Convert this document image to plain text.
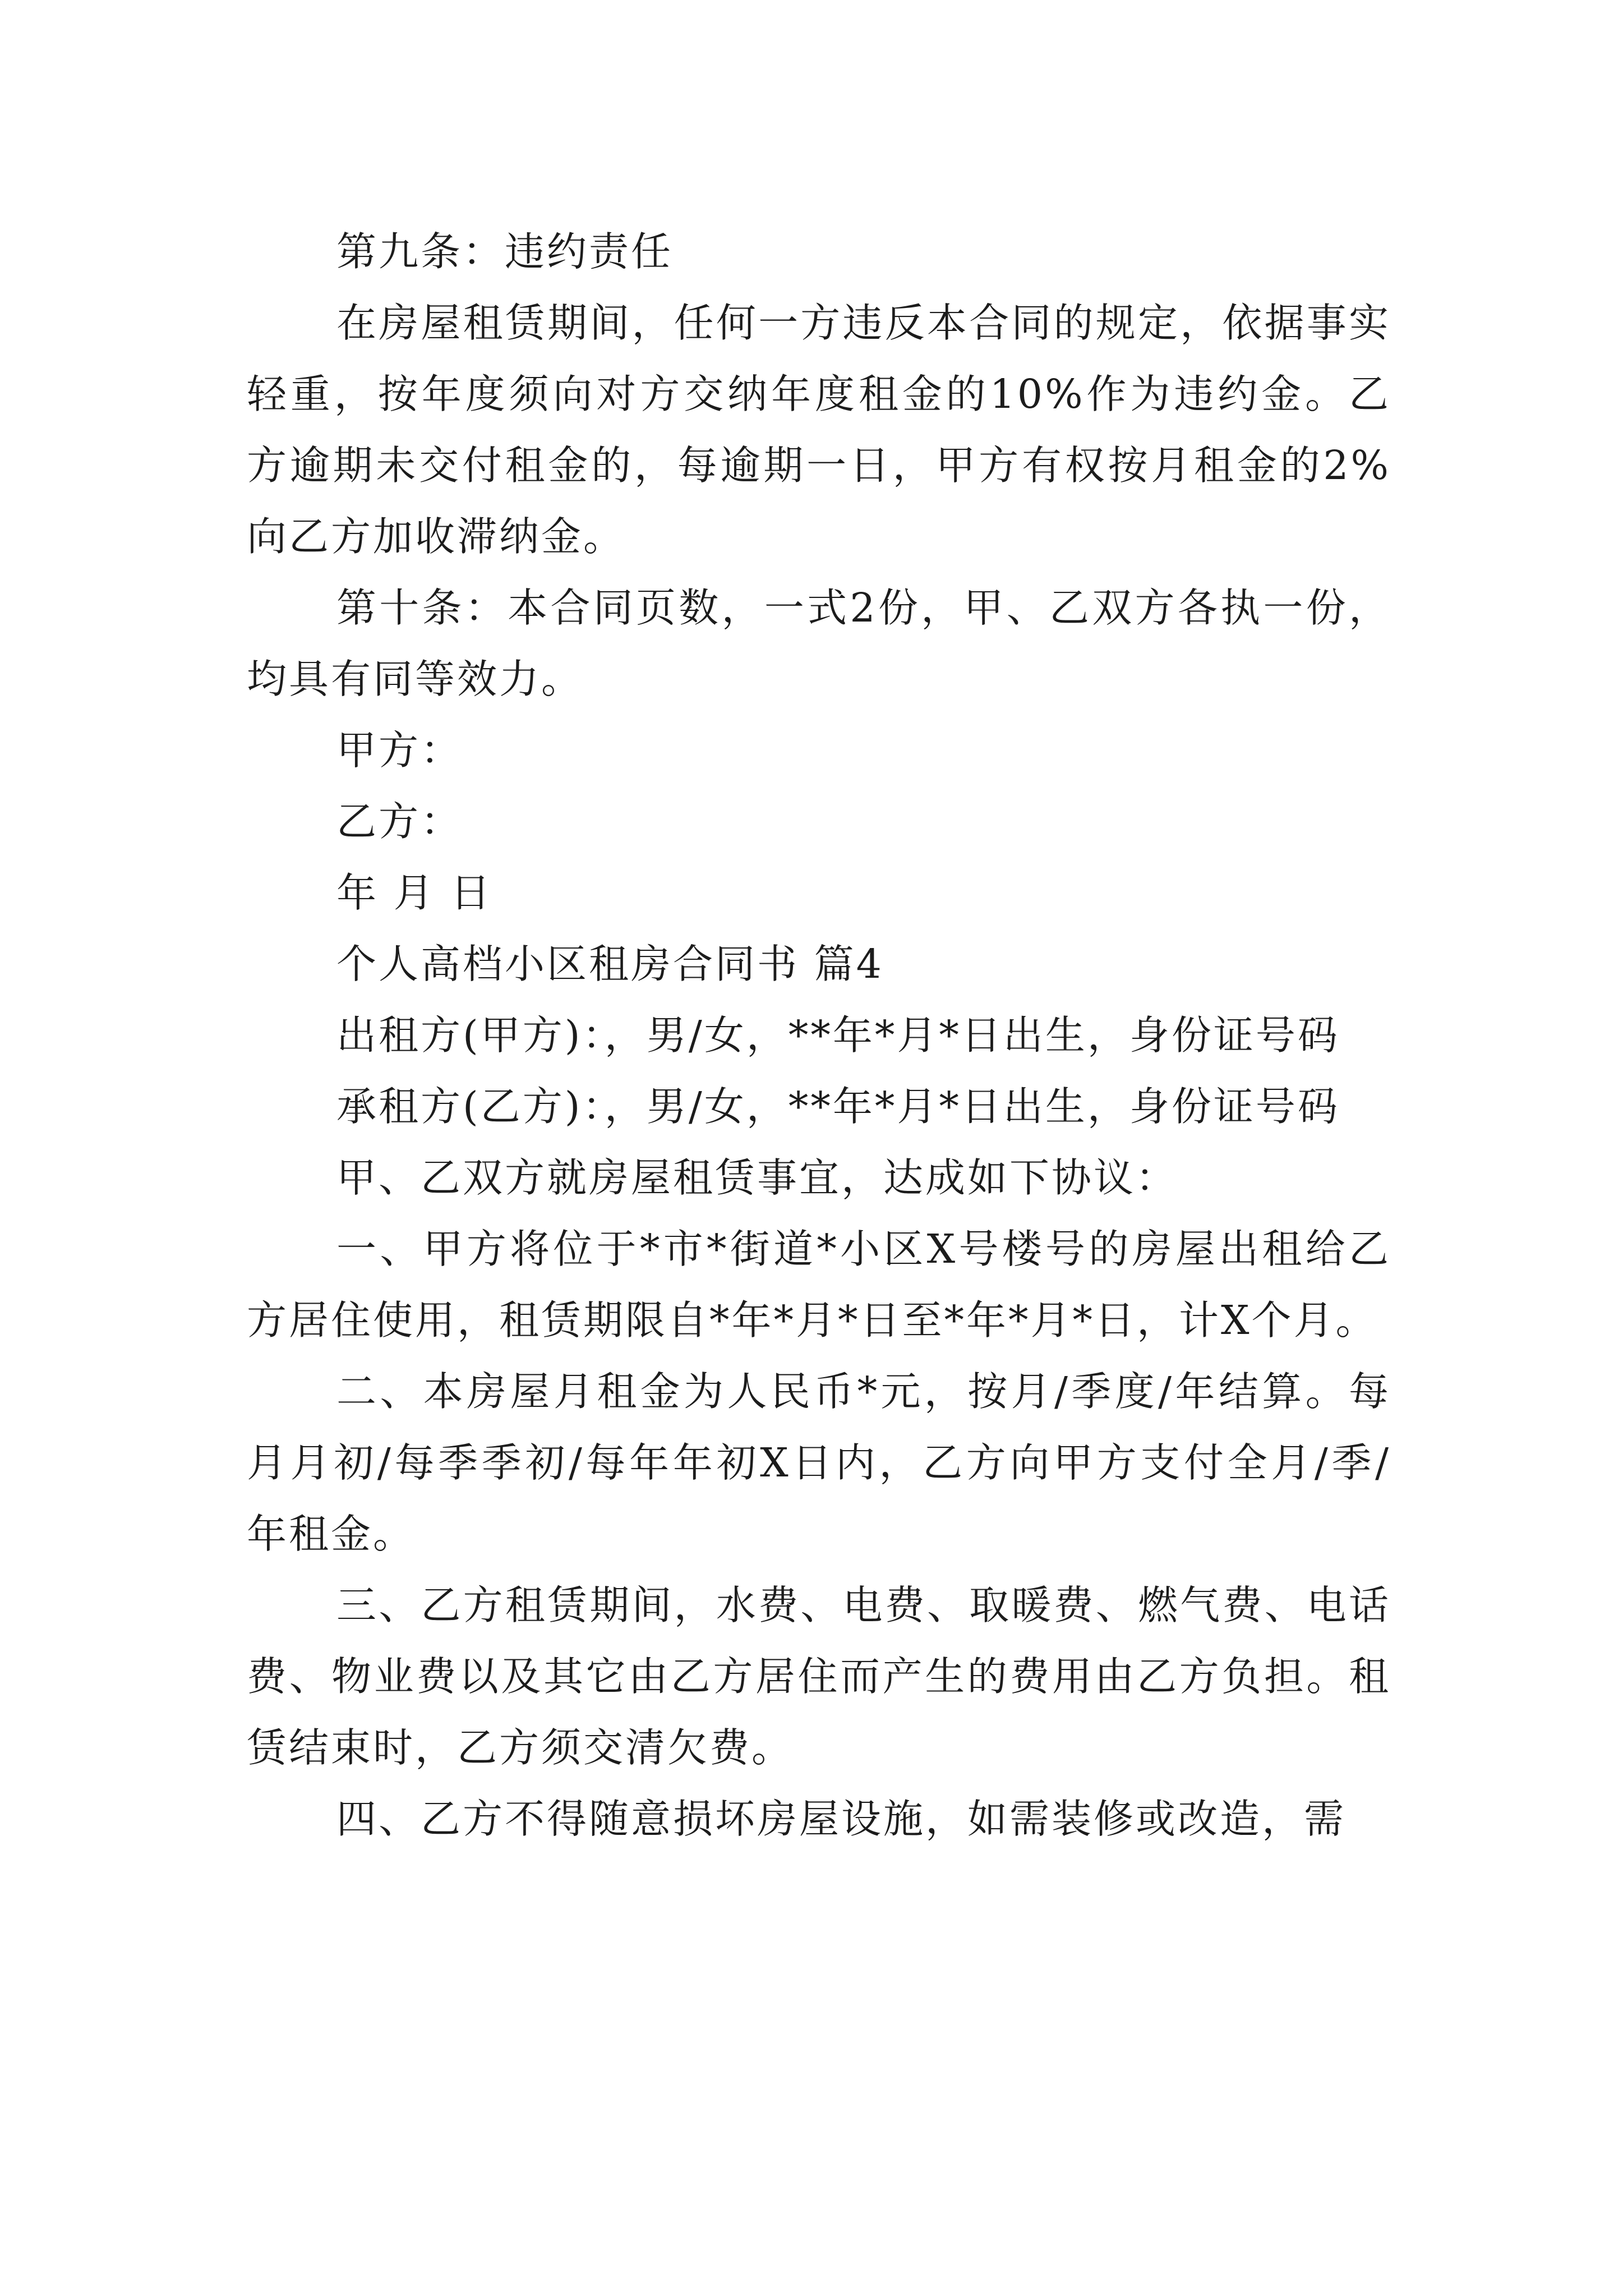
第九条：违约责任

在房屋租赁期间，任何一方违反本合同的规定，依据事实轻重，按年度须向对方交纳年度租金的10%作为违约金。乙方逾期未交付租金的，每逾期一日，甲方有权按月租金的2%向乙方加收滞纳金。

第十条：本合同页数，一式2份，甲、乙双方各执一份，均具有同等效力。

甲方：

乙方：

年 月 日

个人高档小区租房合同书 篇4

出租方(甲方)：，男/女，**年*月*日出生，身份证号码

承租方(乙方)：，男/女，**年*月*日出生，身份证号码

甲、乙双方就房屋租赁事宜，达成如下协议：

一、甲方将位于*市*街道*小区X号楼号的房屋出租给乙方居住使用，租赁期限自*年*月*日至*年*月*日，计X个月。

二、本房屋月租金为人民币*元，按月/季度/年结算。每月月初/每季季初/每年年初X日内，乙方向甲方支付全月/季/年租金。

三、乙方租赁期间，水费、电费、取暖费、燃气费、电话费、物业费以及其它由乙方居住而产生的费用由乙方负担。租赁结束时，乙方须交清欠费。

四、乙方不得随意损坏房屋设施，如需装修或改造，需
